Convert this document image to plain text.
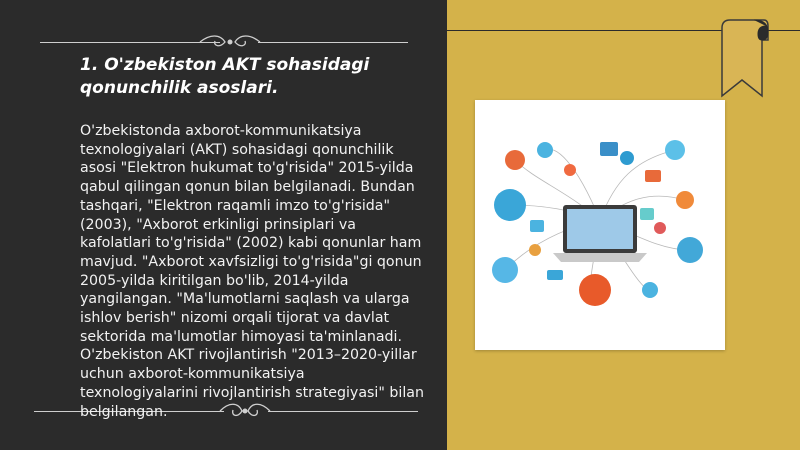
1. O'zbekiston AKT sohasidagi qonunchilik asoslari.

O'zbekistonda axborot-kommunikatsiya texnologiyalari (AKT) sohasidagi qonunchilik asosi "Elektron hukumat to'g'risida" 2015-yilda qabul qilingan qonun bilan belgilanadi. Bundan tashqari, "Elektron raqamli imzo to'g'risida" (2003), "Axborot erkinligi prinsiplari va kafolatlari to'g'risida" (2002) kabi qonunlar ham mavjud. "Axborot xavfsizligi to'g'risida"gi qonun 2005-yilda kiritilgan bo'lib, 2014-yilda yangilangan. "Ma'lumotlarni saqlash va ularga ishlov berish" nizomi orqali tijorat va davlat sektorida ma'lumotlar himoyasi ta'minlanadi. O'zbekiston AKT rivojlantirish "2013–2020-yillar uchun axborot-kommunikatsiya texnologiyalarini rivojlantirish strategiyasi" bilan belgilangan.
